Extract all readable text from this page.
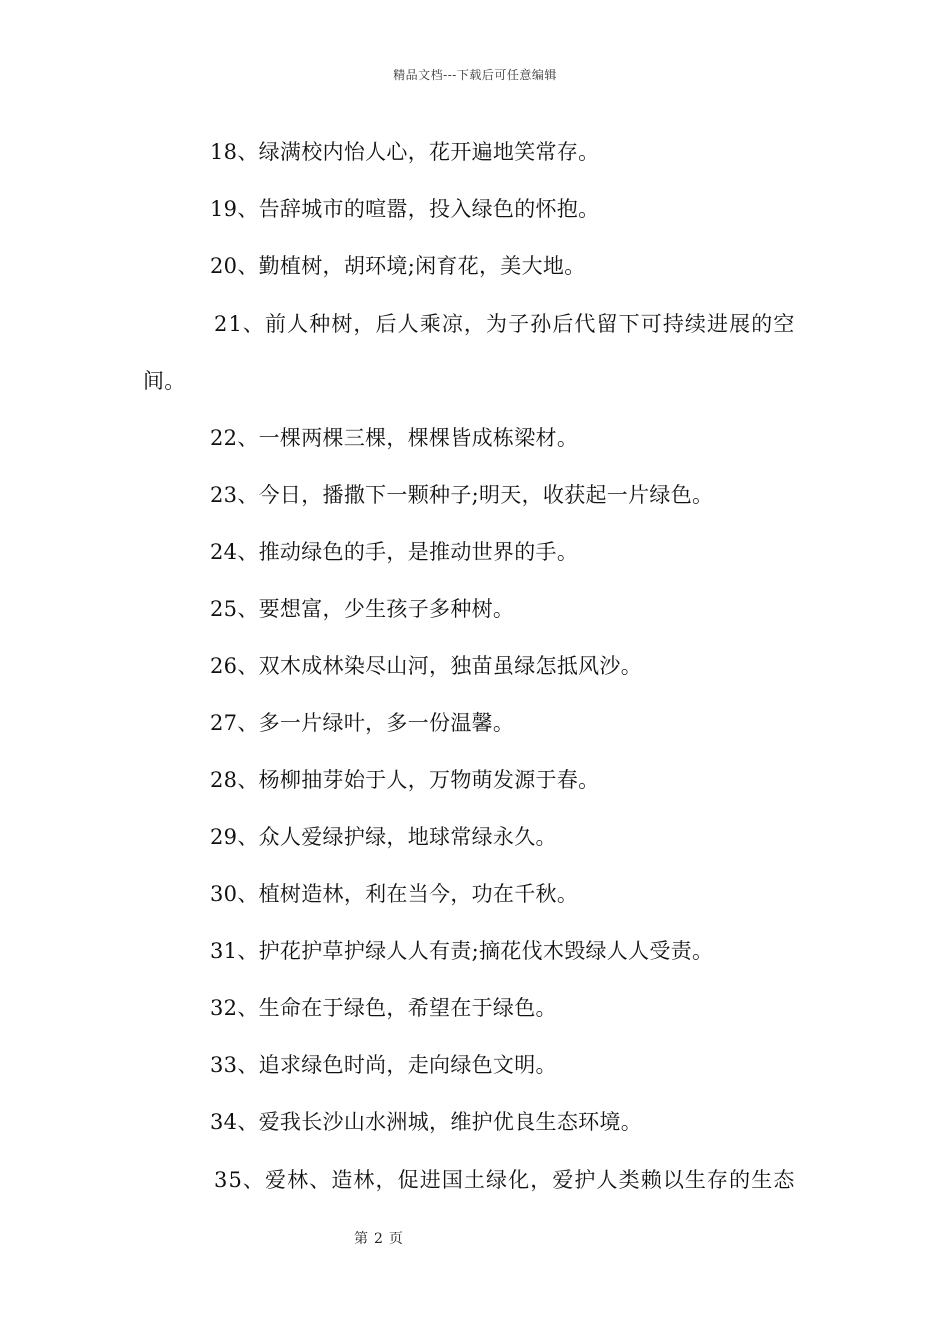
精品文档---下载后可任意编辑
18、绿满校内怡人心，花开遍地笑常存。
19、告辞城市的喧嚣，投入绿色的怀抱。
20、勤植树，胡环境;闲育花，美大地。
21、前人种树，后人乘凉，为子孙后代留下可持续进展的空
间。
22、一棵两棵三棵，棵棵皆成栋梁材。
23、今日，播撒下一颗种子;明天，收获起一片绿色。
24、推动绿色的手，是推动世界的手。
25、要想富，少生孩子多种树。
26、双木成林染尽山河，独苗虽绿怎抵风沙。
27、多一片绿叶，多一份温馨。
28、杨柳抽芽始于人，万物萌发源于春。
29、众人爱绿护绿，地球常绿永久。
30、植树造林，利在当今，功在千秋。
31、护花护草护绿人人有责;摘花伐木毁绿人人受责。
32、生命在于绿色，希望在于绿色。
33、追求绿色时尚，走向绿色文明。
34、爱我长沙山水洲城，维护优良生态环境。
35、爱林、造林，促进国土绿化，爱护人类赖以生存的生态
第 2 页
